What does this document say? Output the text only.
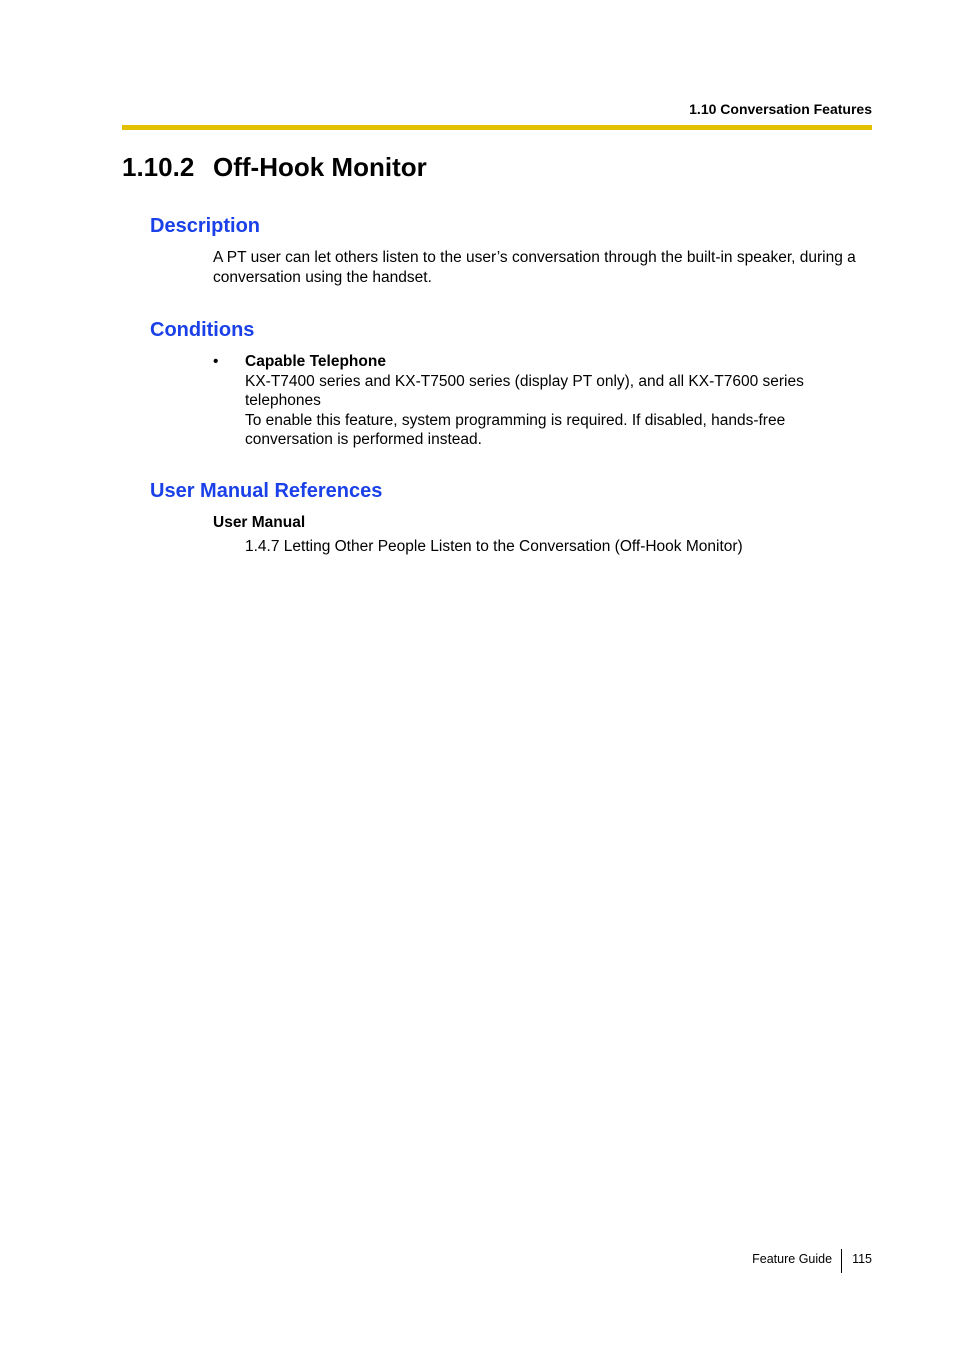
1.10 Conversation Features
1.10.2 Off-Hook Monitor
Description

A PT user can let others listen to the user’s conversation through the built-in speaker, during a conversation using the handset.

Conditions
• Capable Telephone
KX-T7400 series and KX-T7500 series (display PT only), and all KX-T7600 series telephones
To enable this feature, system programming is required. If disabled, hands-free conversation is performed instead.
User Manual References
User Manual
1.4.7 Letting Other People Listen to the Conversation (Off-Hook Monitor)
Feature Guide	115
